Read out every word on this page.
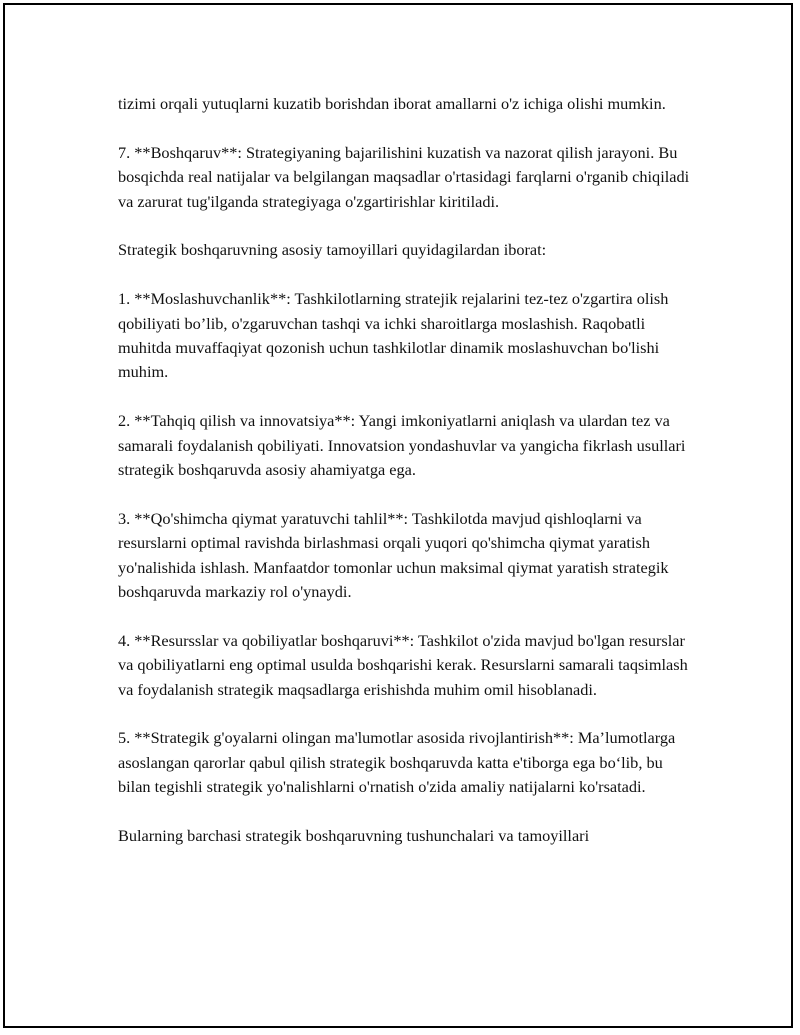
tizimi orqali yutuqlarni kuzatib borishdan iborat amallarni o'z ichiga olishi mumkin.

7. **Boshqaruv**: Strategiyaning bajarilishini kuzatish va nazorat qilish jarayoni. Bu bosqichda real natijalar va belgilangan maqsadlar o'rtasidagi farqlarni o'rganib chiqiladi va zarurat tug'ilganda strategiyaga o'zgartirishlar kiritiladi.

Strategik boshqaruvning asosiy tamoyillari quyidagilardan iborat:

1. **Moslashuvchanlik**: Tashkilotlarning stratejik rejalarini tez-tez o'zgartira olish qobiliyati bo’lib, o'zgaruvchan tashqi va ichki sharoitlarga moslashish. Raqobatli muhitda muvaffaqiyat qozonish uchun tashkilotlar dinamik moslashuvchan bo'lishi muhim.

2. **Tahqiq qilish va innovatsiya**: Yangi imkoniyatlarni aniqlash va ulardan tez va samarali foydalanish qobiliyati. Innovatsion yondashuvlar va yangicha fikrlash usullari strategik boshqaruvda asosiy ahamiyatga ega.

3. **Qo'shimcha qiymat yaratuvchi tahlil**: Tashkilotda mavjud qishloqlarni va resurslarni optimal ravishda birlashmasi orqali yuqori qo'shimcha qiymat yaratish yo'nalishida ishlash. Manfaatdor tomonlar uchun maksimal qiymat yaratish strategik boshqaruvda markaziy rol o'ynaydi.

4. **Resursslar va qobiliyatlar boshqaruvi**: Tashkilot o'zida mavjud bo'lgan resurslar va qobiliyatlarni eng optimal usulda boshqarishi kerak. Resurslarni samarali taqsimlash va foydalanish strategik maqsadlarga erishishda muhim omil hisoblanadi.

5. **Strategik g'oyalarni olingan ma'lumotlar asosida rivojlantirish**: Ma’lumotlarga asoslangan qarorlar qabul qilish strategik boshqaruvda katta e'tiborga ega bo‘lib, bu bilan tegishli strategik yo'nalishlarni o'rnatish o'zida amaliy natijalarni ko'rsatadi.

Bularning barchasi strategik boshqaruvning tushunchalari va tamoyillari
